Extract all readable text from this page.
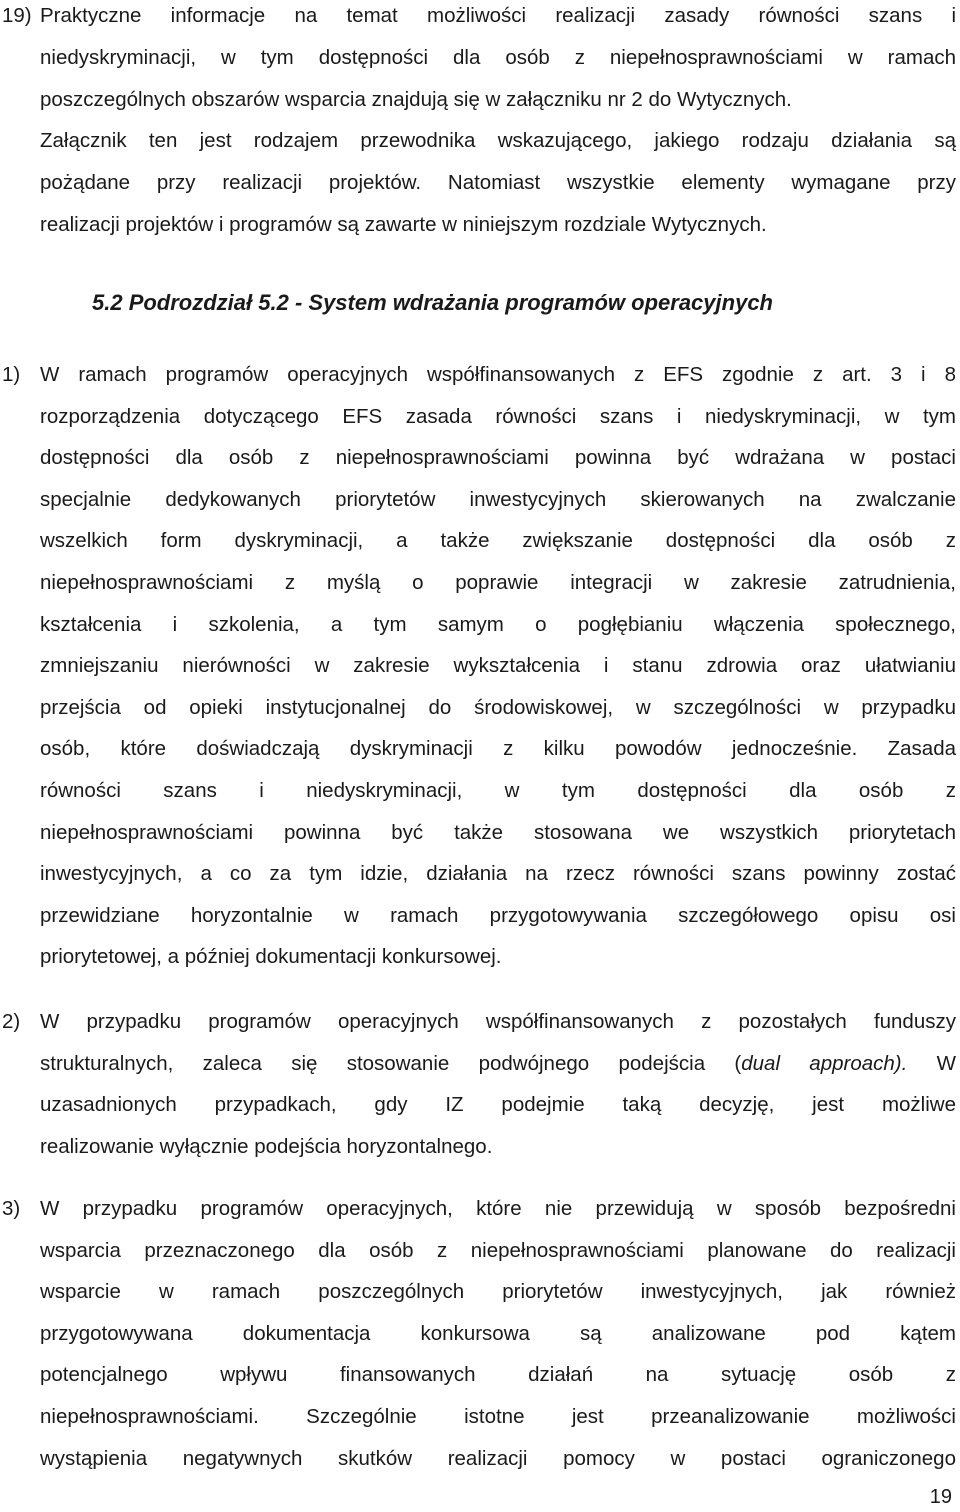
19) Praktyczne informacje na temat możliwości realizacji zasady równości szans i
niedyskryminacji, w tym dostępności dla osób z niepełnosprawnościami w ramach
poszczególnych obszarów wsparcia znajdują się w załączniku nr 2 do Wytycznych.
Załącznik ten jest rodzajem przewodnika wskazującego, jakiego rodzaju działania są
pożądane przy realizacji projektów. Natomiast wszystkie elementy wymagane przy
realizacji projektów i programów są zawarte w niniejszym rozdziale Wytycznych.
5.2 Podrozdział 5.2 - System wdrażania programów operacyjnych
1) W ramach programów operacyjnych współfinansowanych z EFS zgodnie z art. 3 i 8
rozporządzenia dotyczącego EFS zasada równości szans i niedyskryminacji, w tym
dostępności dla osób z niepełnosprawnościami powinna być wdrażana w postaci
specjalnie dedykowanych priorytetów inwestycyjnych skierowanych na zwalczanie
wszelkich form dyskryminacji, a także zwiększanie dostępności dla osób z
niepełnosprawnościami z myślą o poprawie integracji w zakresie zatrudnienia,
kształcenia i szkolenia, a tym samym o pogłębianiu włączenia społecznego,
zmniejszaniu nierówności w zakresie wykształcenia i stanu zdrowia oraz ułatwianiu
przejścia od opieki instytucjonalnej do środowiskowej, w szczególności w przypadku
osób, które doświadczają dyskryminacji z kilku powodów jednocześnie. Zasada
równości szans i niedyskryminacji, w tym dostępności dla osób z
niepełnosprawnościami powinna być także stosowana we wszystkich priorytetach
inwestycyjnych, a co za tym idzie, działania na rzecz równości szans powinny zostać
przewidziane horyzontalnie w ramach przygotowywania szczegółowego opisu osi
priorytetowej, a później dokumentacji konkursowej.
2) W przypadku programów operacyjnych współfinansowanych z pozostałych funduszy
strukturalnych, zaleca się stosowanie podwójnego podejścia (dual approach). W
uzasadnionych przypadkach, gdy IZ podejmie taką decyzję, jest możliwe
realizowanie wyłącznie podejścia horyzontalnego.
3) W przypadku programów operacyjnych, które nie przewidują w sposób bezpośredni
wsparcia przeznaczonego dla osób z niepełnosprawnościami planowane do realizacji
wsparcie w ramach poszczególnych priorytetów inwestycyjnych, jak również
przygotowywana dokumentacja konkursowa są analizowane pod kątem
potencjalnego wpływu finansowanych działań na sytuację osób z
niepełnosprawnościami. Szczególnie istotne jest przeanalizowanie możliwości
wystąpienia negatywnych skutków realizacji pomocy w postaci ograniczonego
19
